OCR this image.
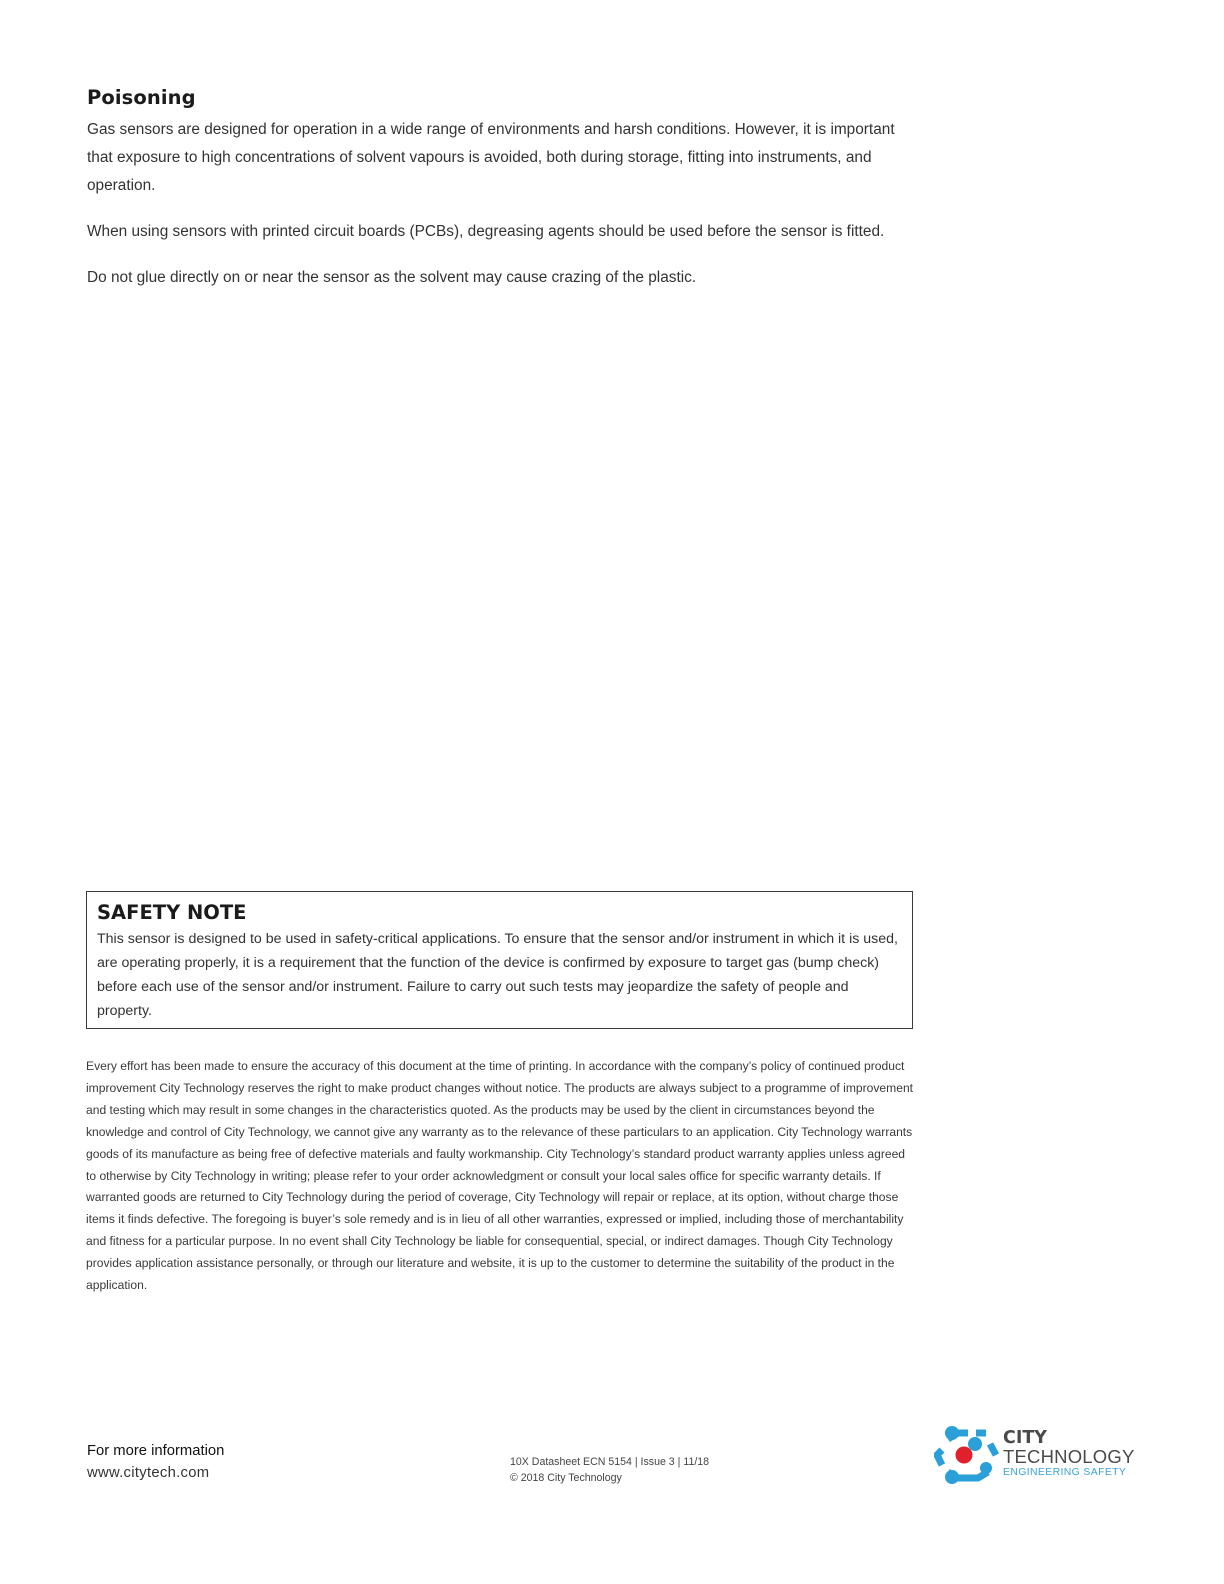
Poisoning

Gas sensors are designed for operation in a wide range of environments and harsh conditions. However, it is important that exposure to high concentrations of solvent vapours is avoided, both during storage, fitting into instruments, and operation.

When using sensors with printed circuit boards (PCBs), degreasing agents should be used before the sensor is fitted.

Do not glue directly on or near the sensor as the solvent may cause crazing of the plastic.

SAFETY NOTE

This sensor is designed to be used in safety-critical applications. To ensure that the sensor and/or instrument in which it is used, are operating properly, it is a requirement that the function of the device is confirmed by exposure to target gas (bump check) before each use of the sensor and/or instrument. Failure to carry out such tests may jeopardize the safety of people and property.

Every effort has been made to ensure the accuracy of this document at the time of printing. In accordance with the company’s policy of continued product improvement City Technology reserves the right to make product changes without notice. The products are always subject to a programme of improvement and testing which may result in some changes in the characteristics quoted. As the products may be used by the client in circumstances beyond the knowledge and control of City Technology, we cannot give any warranty as to the relevance of these particulars to an application. City Technology warrants goods of its manufacture as being free of defective materials and faulty workmanship. City Technology’s standard product warranty applies unless agreed to otherwise by City Technology in writing; please refer to your order acknowledgment or consult your local sales office for specific warranty details. If warranted goods are returned to City Technology during the period of coverage, City Technology will repair or replace, at its option, without charge those items it finds defective. The foregoing is buyer’s sole remedy and is in lieu of all other warranties, expressed or implied, including those of merchantability and fitness for a particular purpose. In no event shall City Technology be liable for consequential, special, or indirect damages. Though City Technology provides application assistance personally, or through our literature and website, it is up to the customer to determine the suitability of the product in the application.

For more information
www.citytech.com
10X Datasheet ECN 5154 | Issue 3 | 11/18
© 2018 City Technology
CITY
TECHNOLOGY
ENGINEERING SAFETY
